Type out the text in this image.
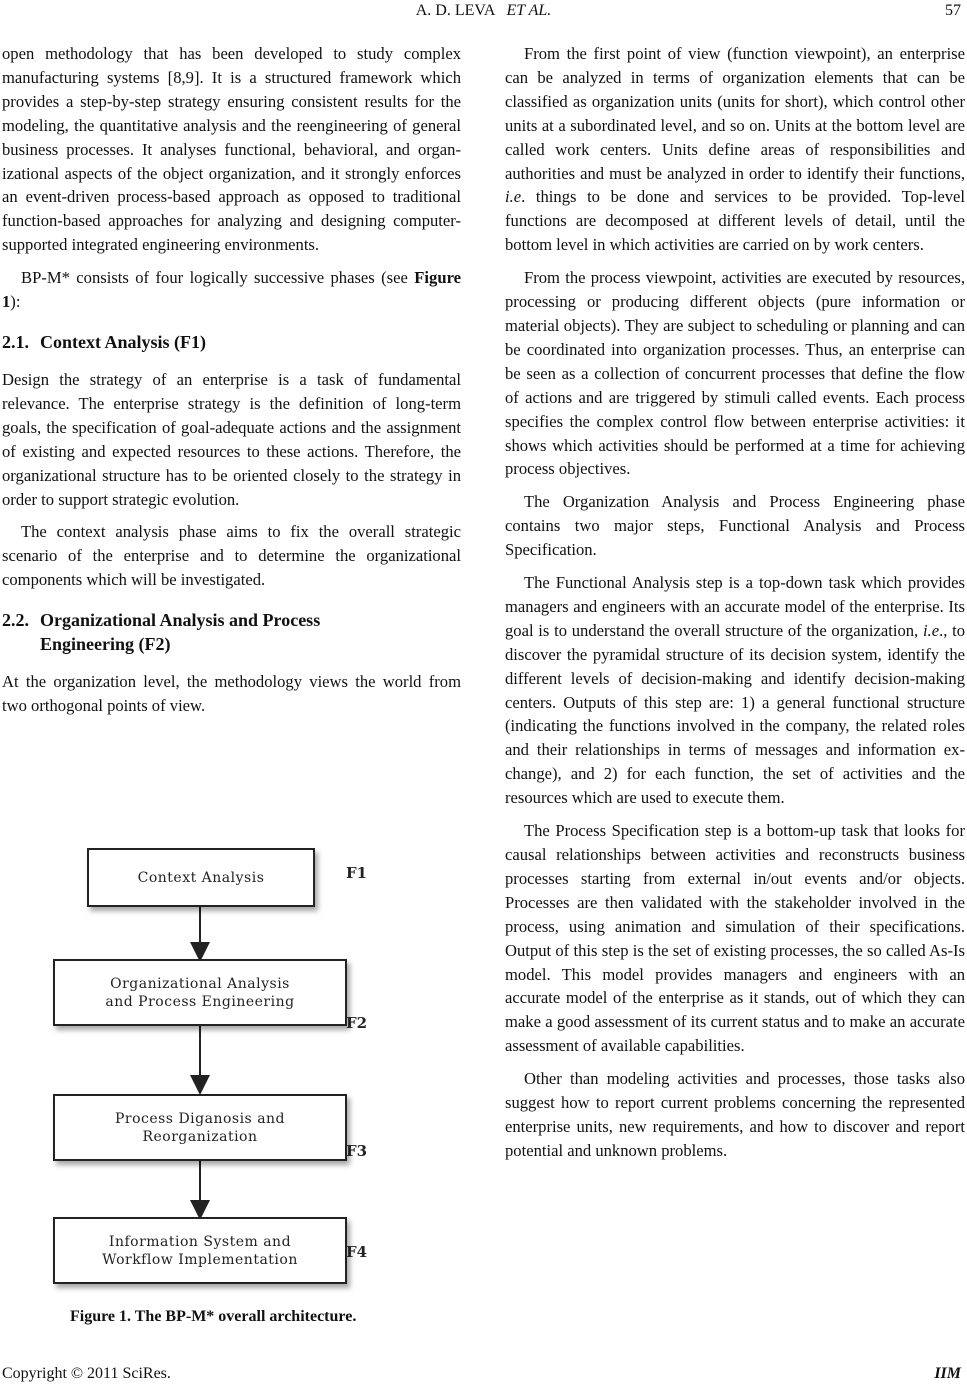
A. D. LEVA ET AL.	57

open methodology that has been developed to study complex manufacturing systems [8,9]. It is a structured framework which provides a step-by-step strategy ensuring consistent results for the modeling, the quantitative analysis and the reengineering of general business processes. It analyses functional, behavioral, and organizational aspects of the object organization, and it strongly enforces an event-driven process-based approach as opposed to traditional function-based approaches for analyzing and designing computer- supported integrated engineering environments.

BP-M* consists of four logically successive phases (see Figure 1):

2.1. Context Analysis (F1)

Design the strategy of an enterprise is a task of fundamental relevance. The enterprise strategy is the definition of long-term goals, the specification of goal-adequate actions and the assignment of existing and expected resources to these actions. Therefore, the organizational structure has to be oriented closely to the strategy in order to support strategic evolution.

The context analysis phase aims to fix the overall strategic scenario of the enterprise and to determine the organizational components which will be investigated.

2.2. Organizational Analysis and Process
Engineering (F2)

At the organization level, the methodology views the world from two orthogonal points of view.

Context Analysis
Organizational Analysis
and Process Engineering
Process Diganosis and
Reorganization
Information System and
Workflow Implementation
F1
F2
F3
F4
Figure 1. The BP-M* overall architecture.

From the first point of view (function viewpoint), an enterprise can be analyzed in terms of organization elements that can be classified as organization units (units for short), which control other units at a subordinated level, and so on. Units at the bottom level are called work centers. Units define areas of responsibilities and authorities and must be analyzed in order to identify their functions, i.e. things to be done and services to be provided. Top-level functions are decomposed at different levels of detail, until the bottom level in which activities are carried on by work centers.

From the process viewpoint, activities are executed by resources, processing or producing different objects (pure information or material objects). They are subject to scheduling or planning and can be coordinated into organization processes. Thus, an enterprise can be seen as a collection of concurrent processes that define the flow of actions and are triggered by stimuli called events. Each process specifies the complex control flow between enterprise activities: it shows which activities should be performed at a time for achieving process objectives.

The Organization Analysis and Process Engineering phase contains two major steps, Functional Analysis and Process Specification.

The Functional Analysis step is a top-down task which provides managers and engineers with an accurate model of the enterprise. Its goal is to understand the overall structure of the organization, i.e., to discover the pyramidal structure of its decision system, identify the different levels of decision-making and identify decision-making centers. Outputs of this step are: 1) a general functional structure (indicating the functions involved in the company, the related roles and their relationships in terms of messages and information exchange), and 2) for each function, the set of activities and the resources which are used to execute them.

The Process Specification step is a bottom-up task that looks for causal relationships between activities and reconstructs business processes starting from external in/out events and/or objects. Processes are then validated with the stakeholder involved in the process, using animation and simulation of their specifications. Output of this step is the set of existing processes, the so called As-Is model. This model provides managers and engineers with an accurate model of the enterprise as it stands, out of which they can make a good assessment of its current status and to make an accurate assessment of available capabilities.

Other than modeling activities and processes, those tasks also suggest how to report current problems concerning the represented enterprise units, new requirements, and how to discover and report potential and unknown problems.

Copyright © 2011 SciRes.	IIM
